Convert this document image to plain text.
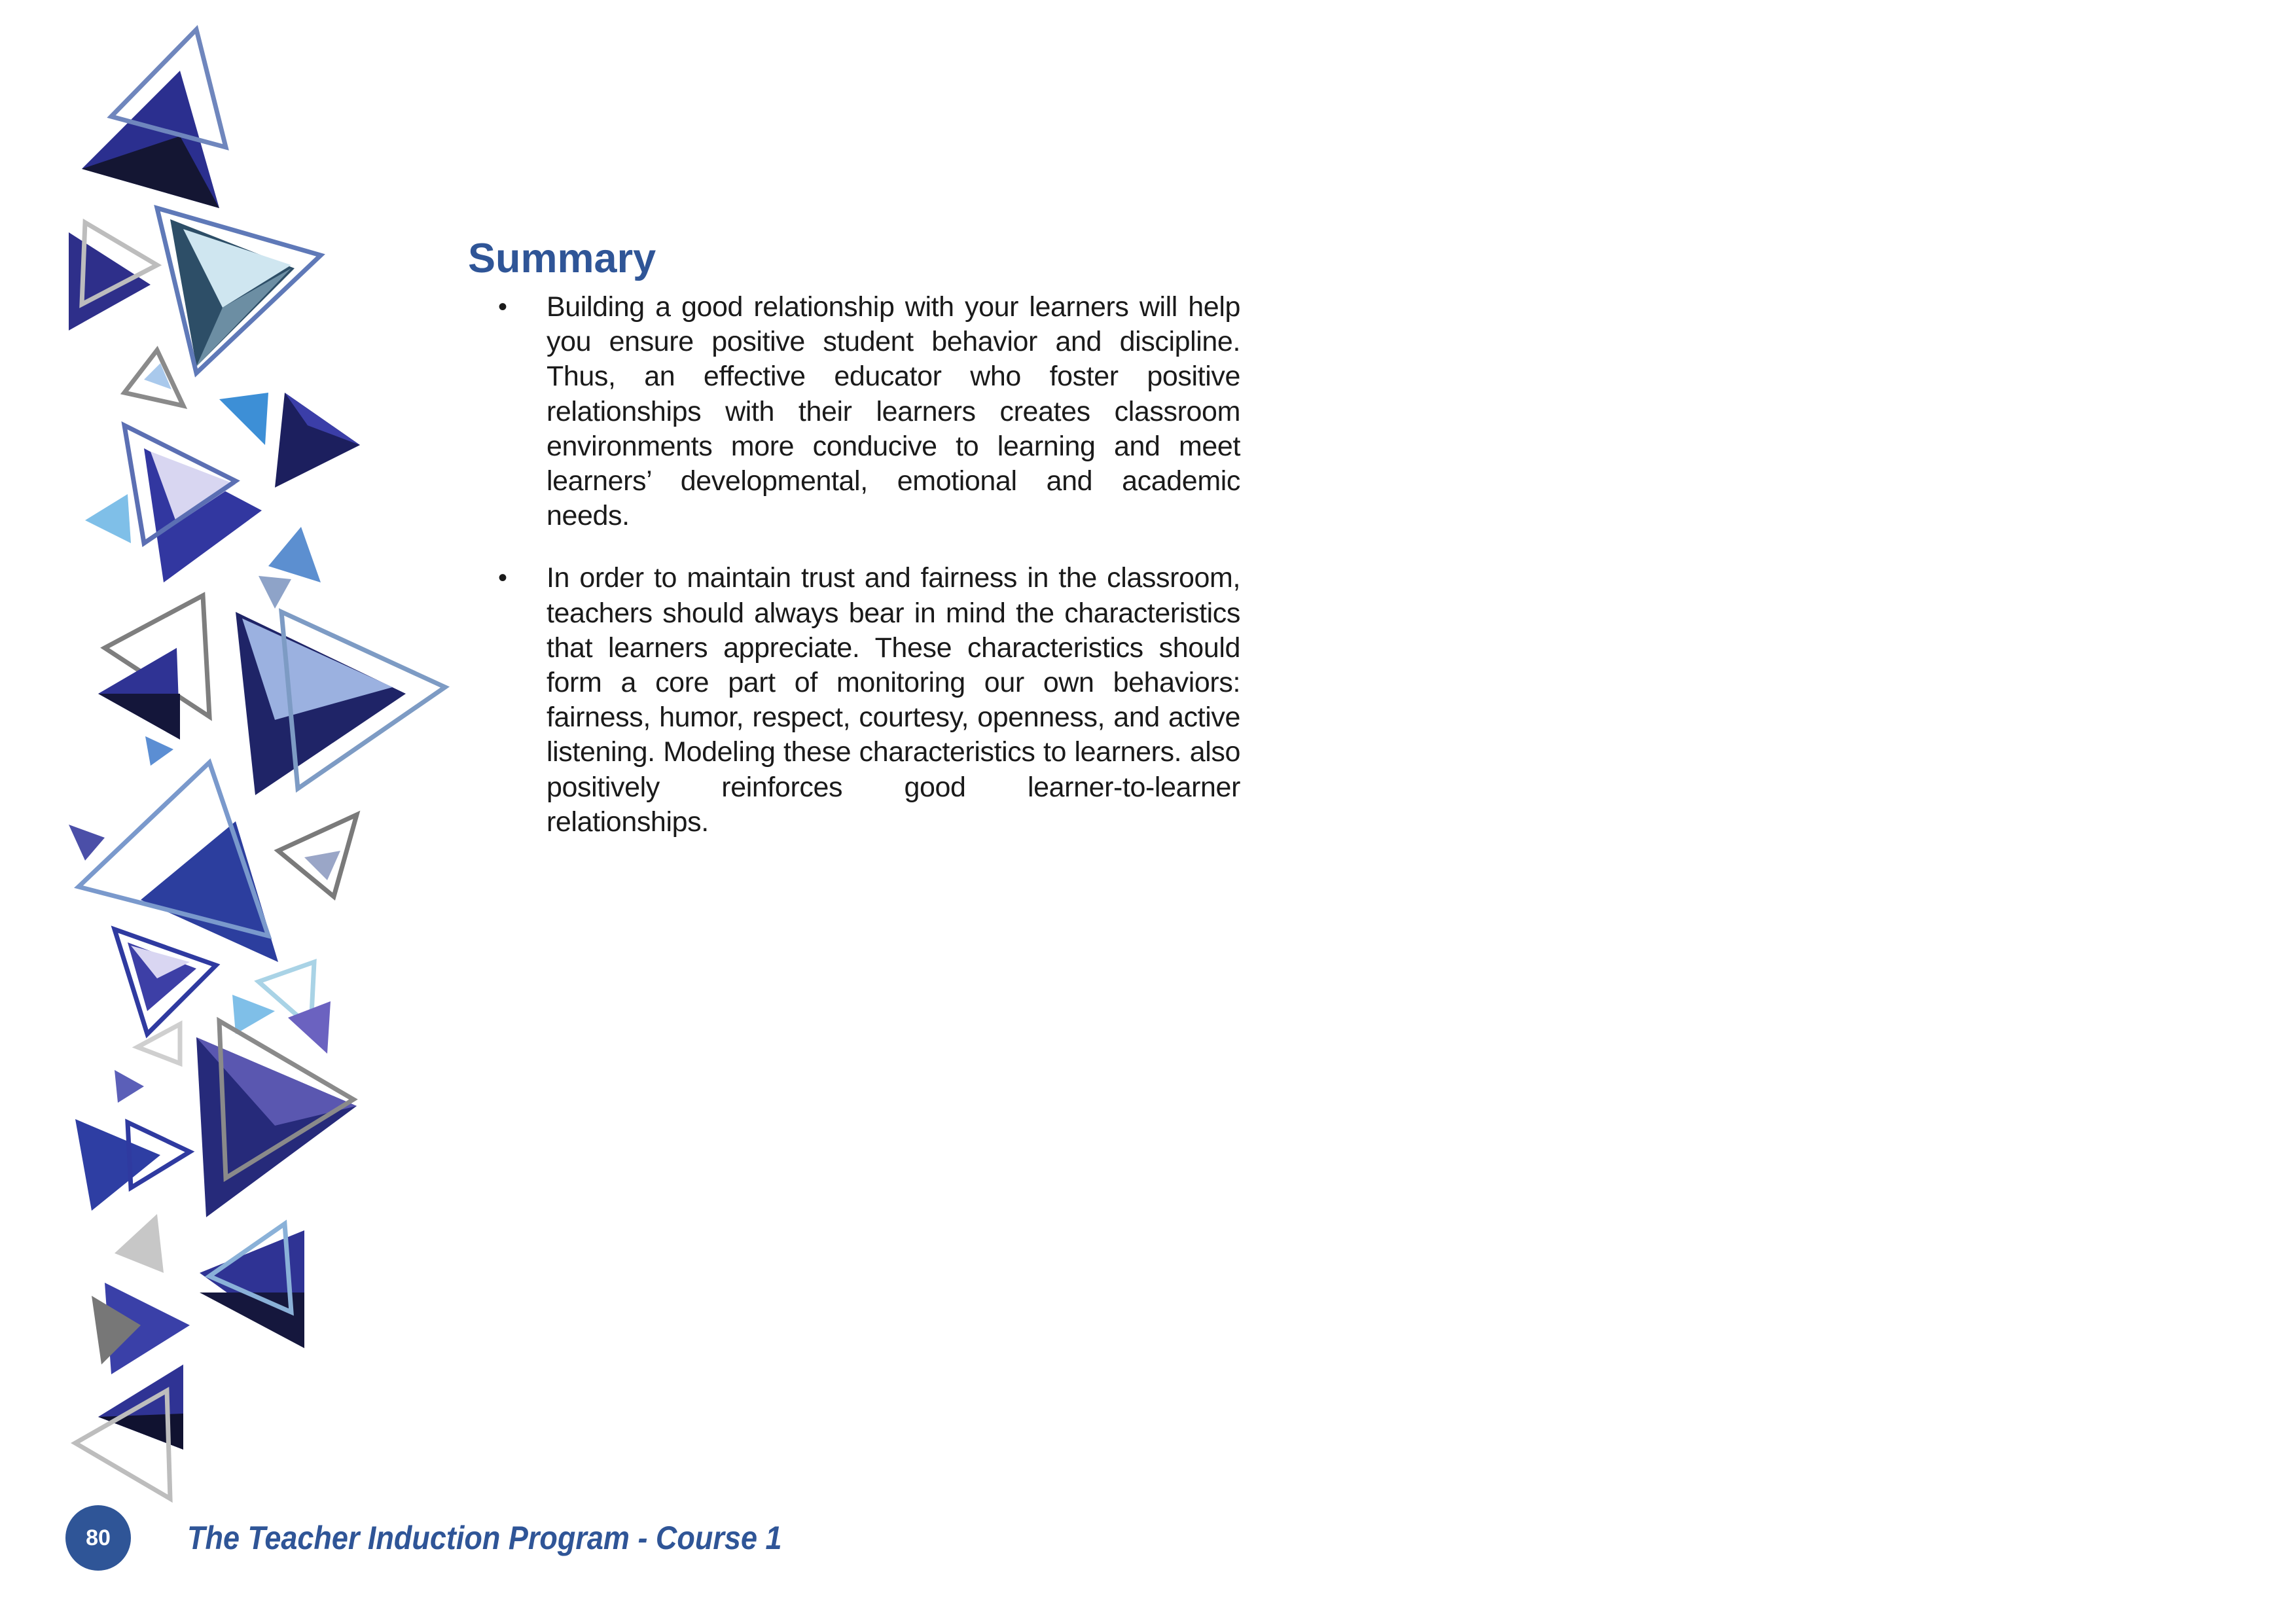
Summary
• Building a good relationship with your learners will help you ensure positive student behavior and discipline. Thus, an effective educator who foster positive relationships with their learners creates classroom environments more conducive to learning and meet learners’ developmental, emotional and academic needs.
• In order to maintain trust and fairness in the classroom, teachers should always bear in mind the characteristics that learners appreciate. These characteristics should form a core part of monitoring our own behaviors: fairness, humor, respect, courtesy, openness, and active listening. Modeling these characteristics to learners. also positively reinforces good learner-to-learner relationships.
80	The Teacher Induction Program - Course 1
